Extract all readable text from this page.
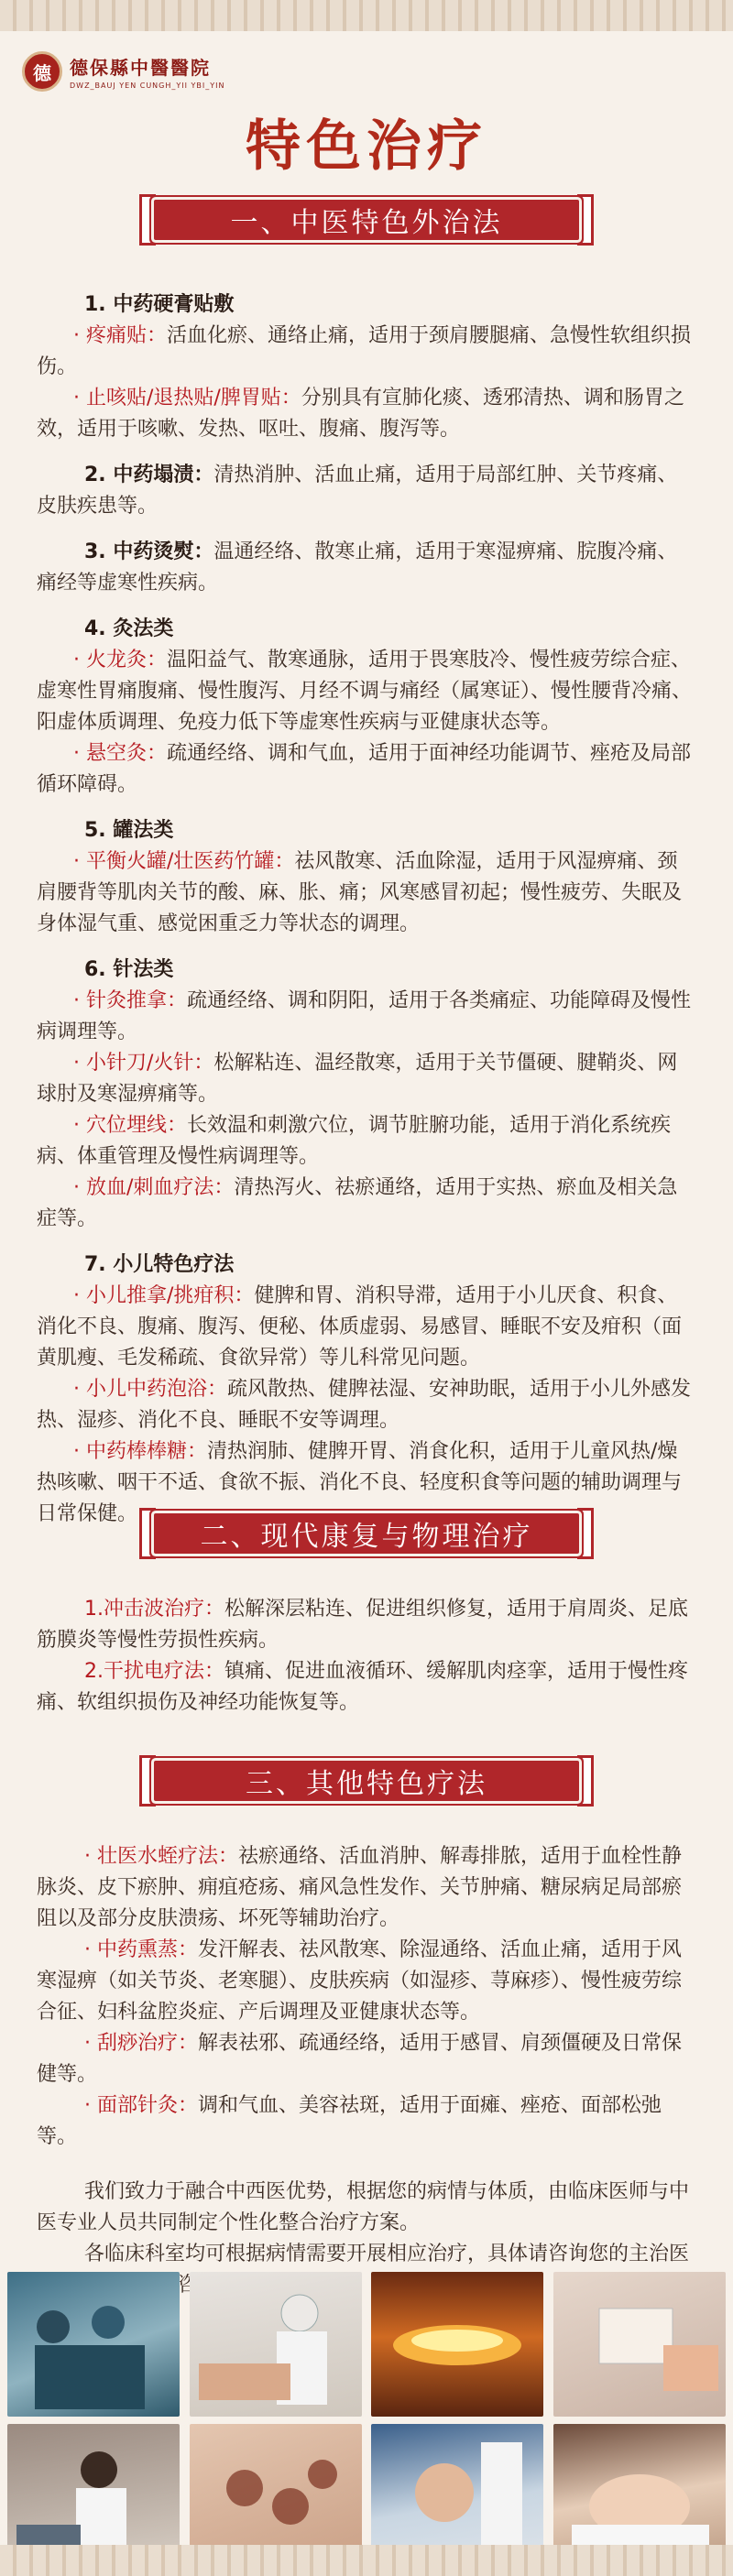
德	德保縣中醫醫院
DWZ_BAUJ YEN CUNGH_YII YBI_YIN
特色治疗
一、中医特色外治法

1. 中药硬膏贴敷

· 疼痛贴：活血化瘀、通络止痛，适用于颈肩腰腿痛、急慢性软组织损伤。

· 止咳贴/退热贴/脾胃贴：分别具有宣肺化痰、透邪清热、调和肠胃之效，适用于咳嗽、发热、呕吐、腹痛、腹泻等。

2. 中药塌渍：清热消肿、活血止痛，适用于局部红肿、关节疼痛、皮肤疾患等。

3. 中药烫熨：温通经络、散寒止痛，适用于寒湿痹痛、脘腹冷痛、痛经等虚寒性疾病。

4. 灸法类

· 火龙灸：温阳益气、散寒通脉，适用于畏寒肢冷、慢性疲劳综合症、虚寒性胃痛腹痛、慢性腹泻、月经不调与痛经（属寒证）、慢性腰背冷痛、阳虚体质调理、免疫力低下等虚寒性疾病与亚健康状态等。

· 悬空灸：疏通经络、调和气血，适用于面神经功能调节、痤疮及局部循环障碍。

5. 罐法类

· 平衡火罐/壮医药竹罐：祛风散寒、活血除湿，适用于风湿痹痛、颈肩腰背等肌肉关节的酸、麻、胀、痛；风寒感冒初起；慢性疲劳、失眠及身体湿气重、感觉困重乏力等状态的调理。

6. 针法类

· 针灸推拿：疏通经络、调和阴阳，适用于各类痛症、功能障碍及慢性病调理等。

· 小针刀/火针：松解粘连、温经散寒，适用于关节僵硬、腱鞘炎、网球肘及寒湿痹痛等。

· 穴位埋线：长效温和刺激穴位，调节脏腑功能，适用于消化系统疾病、体重管理及慢性病调理等。

· 放血/刺血疗法：清热泻火、祛瘀通络，适用于实热、瘀血及相关急症等。

7. 小儿特色疗法

· 小儿推拿/挑疳积：健脾和胃、消积导滞，适用于小儿厌食、积食、消化不良、腹痛、腹泻、便秘、体质虚弱、易感冒、睡眠不安及疳积（面黄肌瘦、毛发稀疏、食欲异常）等儿科常见问题。

· 小儿中药泡浴：疏风散热、健脾祛湿、安神助眠，适用于小儿外感发热、湿疹、消化不良、睡眠不安等调理。

· 中药棒棒糖：清热润肺、健脾开胃、消食化积，适用于儿童风热/燥热咳嗽、咽干不适、食欲不振、消化不良、轻度积食等问题的辅助调理与日常保健。

二、现代康复与物理治疗

1.冲击波治疗：松解深层粘连、促进组织修复，适用于肩周炎、足底筋膜炎等慢性劳损性疾病。

2.干扰电疗法：镇痛、促进血液循环、缓解肌肉痉挛，适用于慢性疼痛、软组织损伤及神经功能恢复等。

三、其他特色疗法

· 壮医水蛭疗法：祛瘀通络、活血消肿、解毒排脓，适用于血栓性静脉炎、皮下瘀肿、痈疽疮疡、痛风急性发作、关节肿痛、糖尿病足局部瘀阻以及部分皮肤溃疡、坏死等辅助治疗。

· 中药熏蒸：发汗解表、祛风散寒、除湿通络、活血止痛，适用于风寒湿痹（如关节炎、老寒腿）、皮肤疾病（如湿疹、荨麻疹）、慢性疲劳综合征、妇科盆腔炎症、产后调理及亚健康状态等。

· 刮痧治疗：解表祛邪、疏通经络，适用于感冒、肩颈僵硬及日常保健等。

· 面部针灸：调和气血、美容祛斑，适用于面瘫、痤疮、面部松弛等。

我们致力于融合中西医优势，根据您的病情与体质，由临床医师与中医专业人员共同制定个性化整合治疗方案。

各临床科室均可根据病情需要开展相应治疗，具体请咨询您的主治医 门诊咨询。
